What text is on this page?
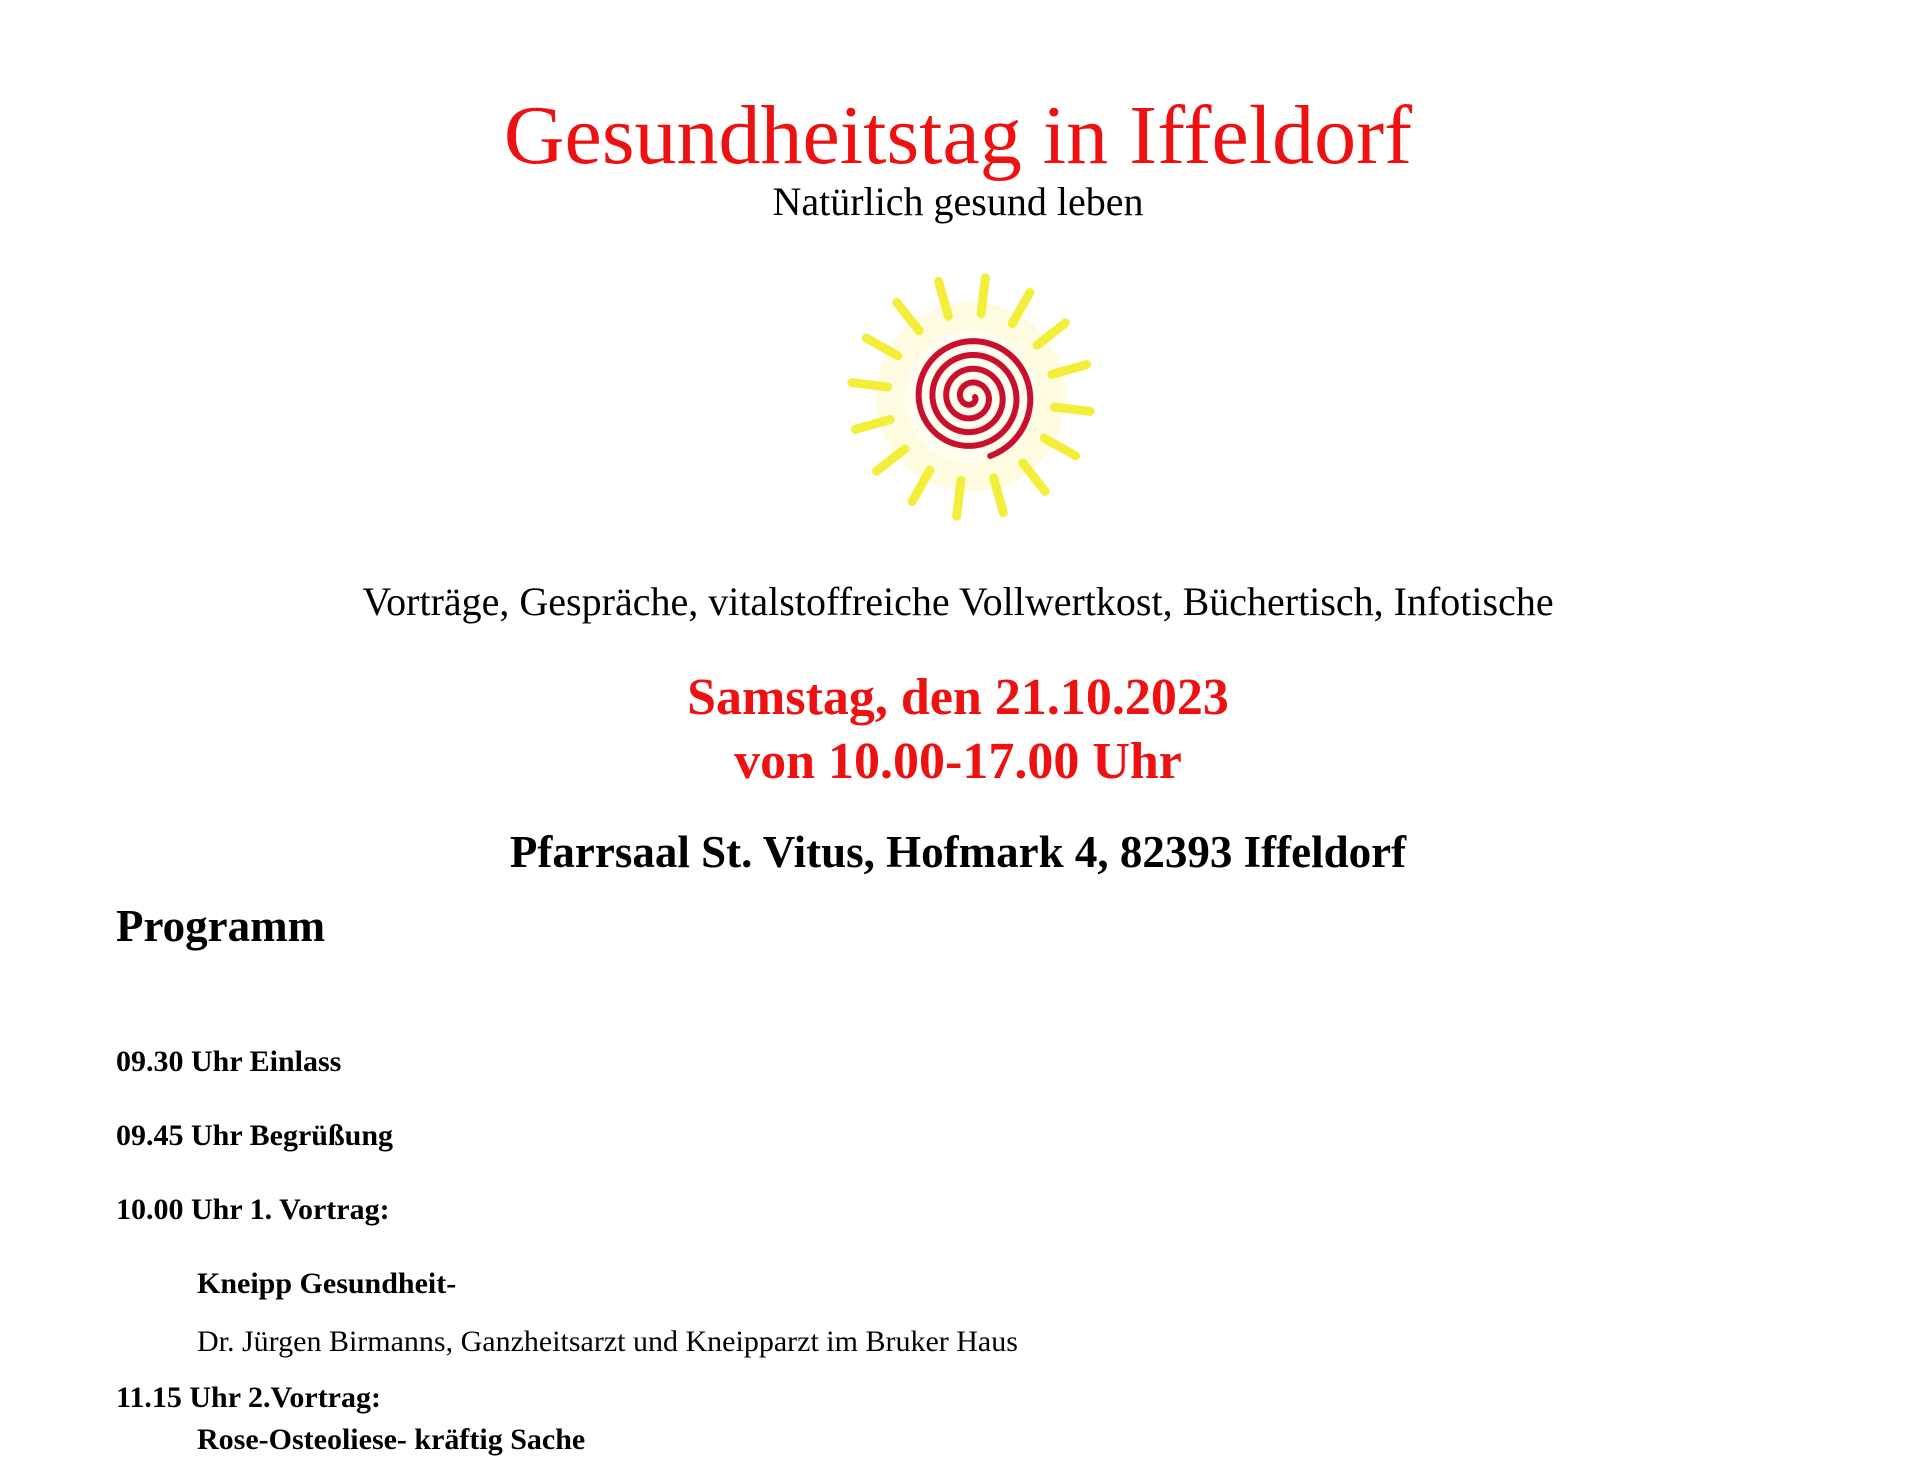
Gesundheitstag in Iffeldorf
Natürlich gesund leben
Vorträge, Gespräche, vitalstoffreiche Vollwertkost, Büchertisch, Infotische
Samstag, den 21.10.2023
von 10.00-17.00 Uhr
Pfarrsaal St. Vitus, Hofmark 4, 82393 Iffeldorf
Programm
09.30 Uhr Einlass
09.45 Uhr Begrüßung
10.00 Uhr 1. Vortrag:
Kneipp Gesundheit-
Dr. Jürgen Birmanns, Ganzheitsarzt und Kneipparzt im Bruker Haus
11.15 Uhr 2.Vortrag:
Rose-Osteoliese- kräftig Sache
